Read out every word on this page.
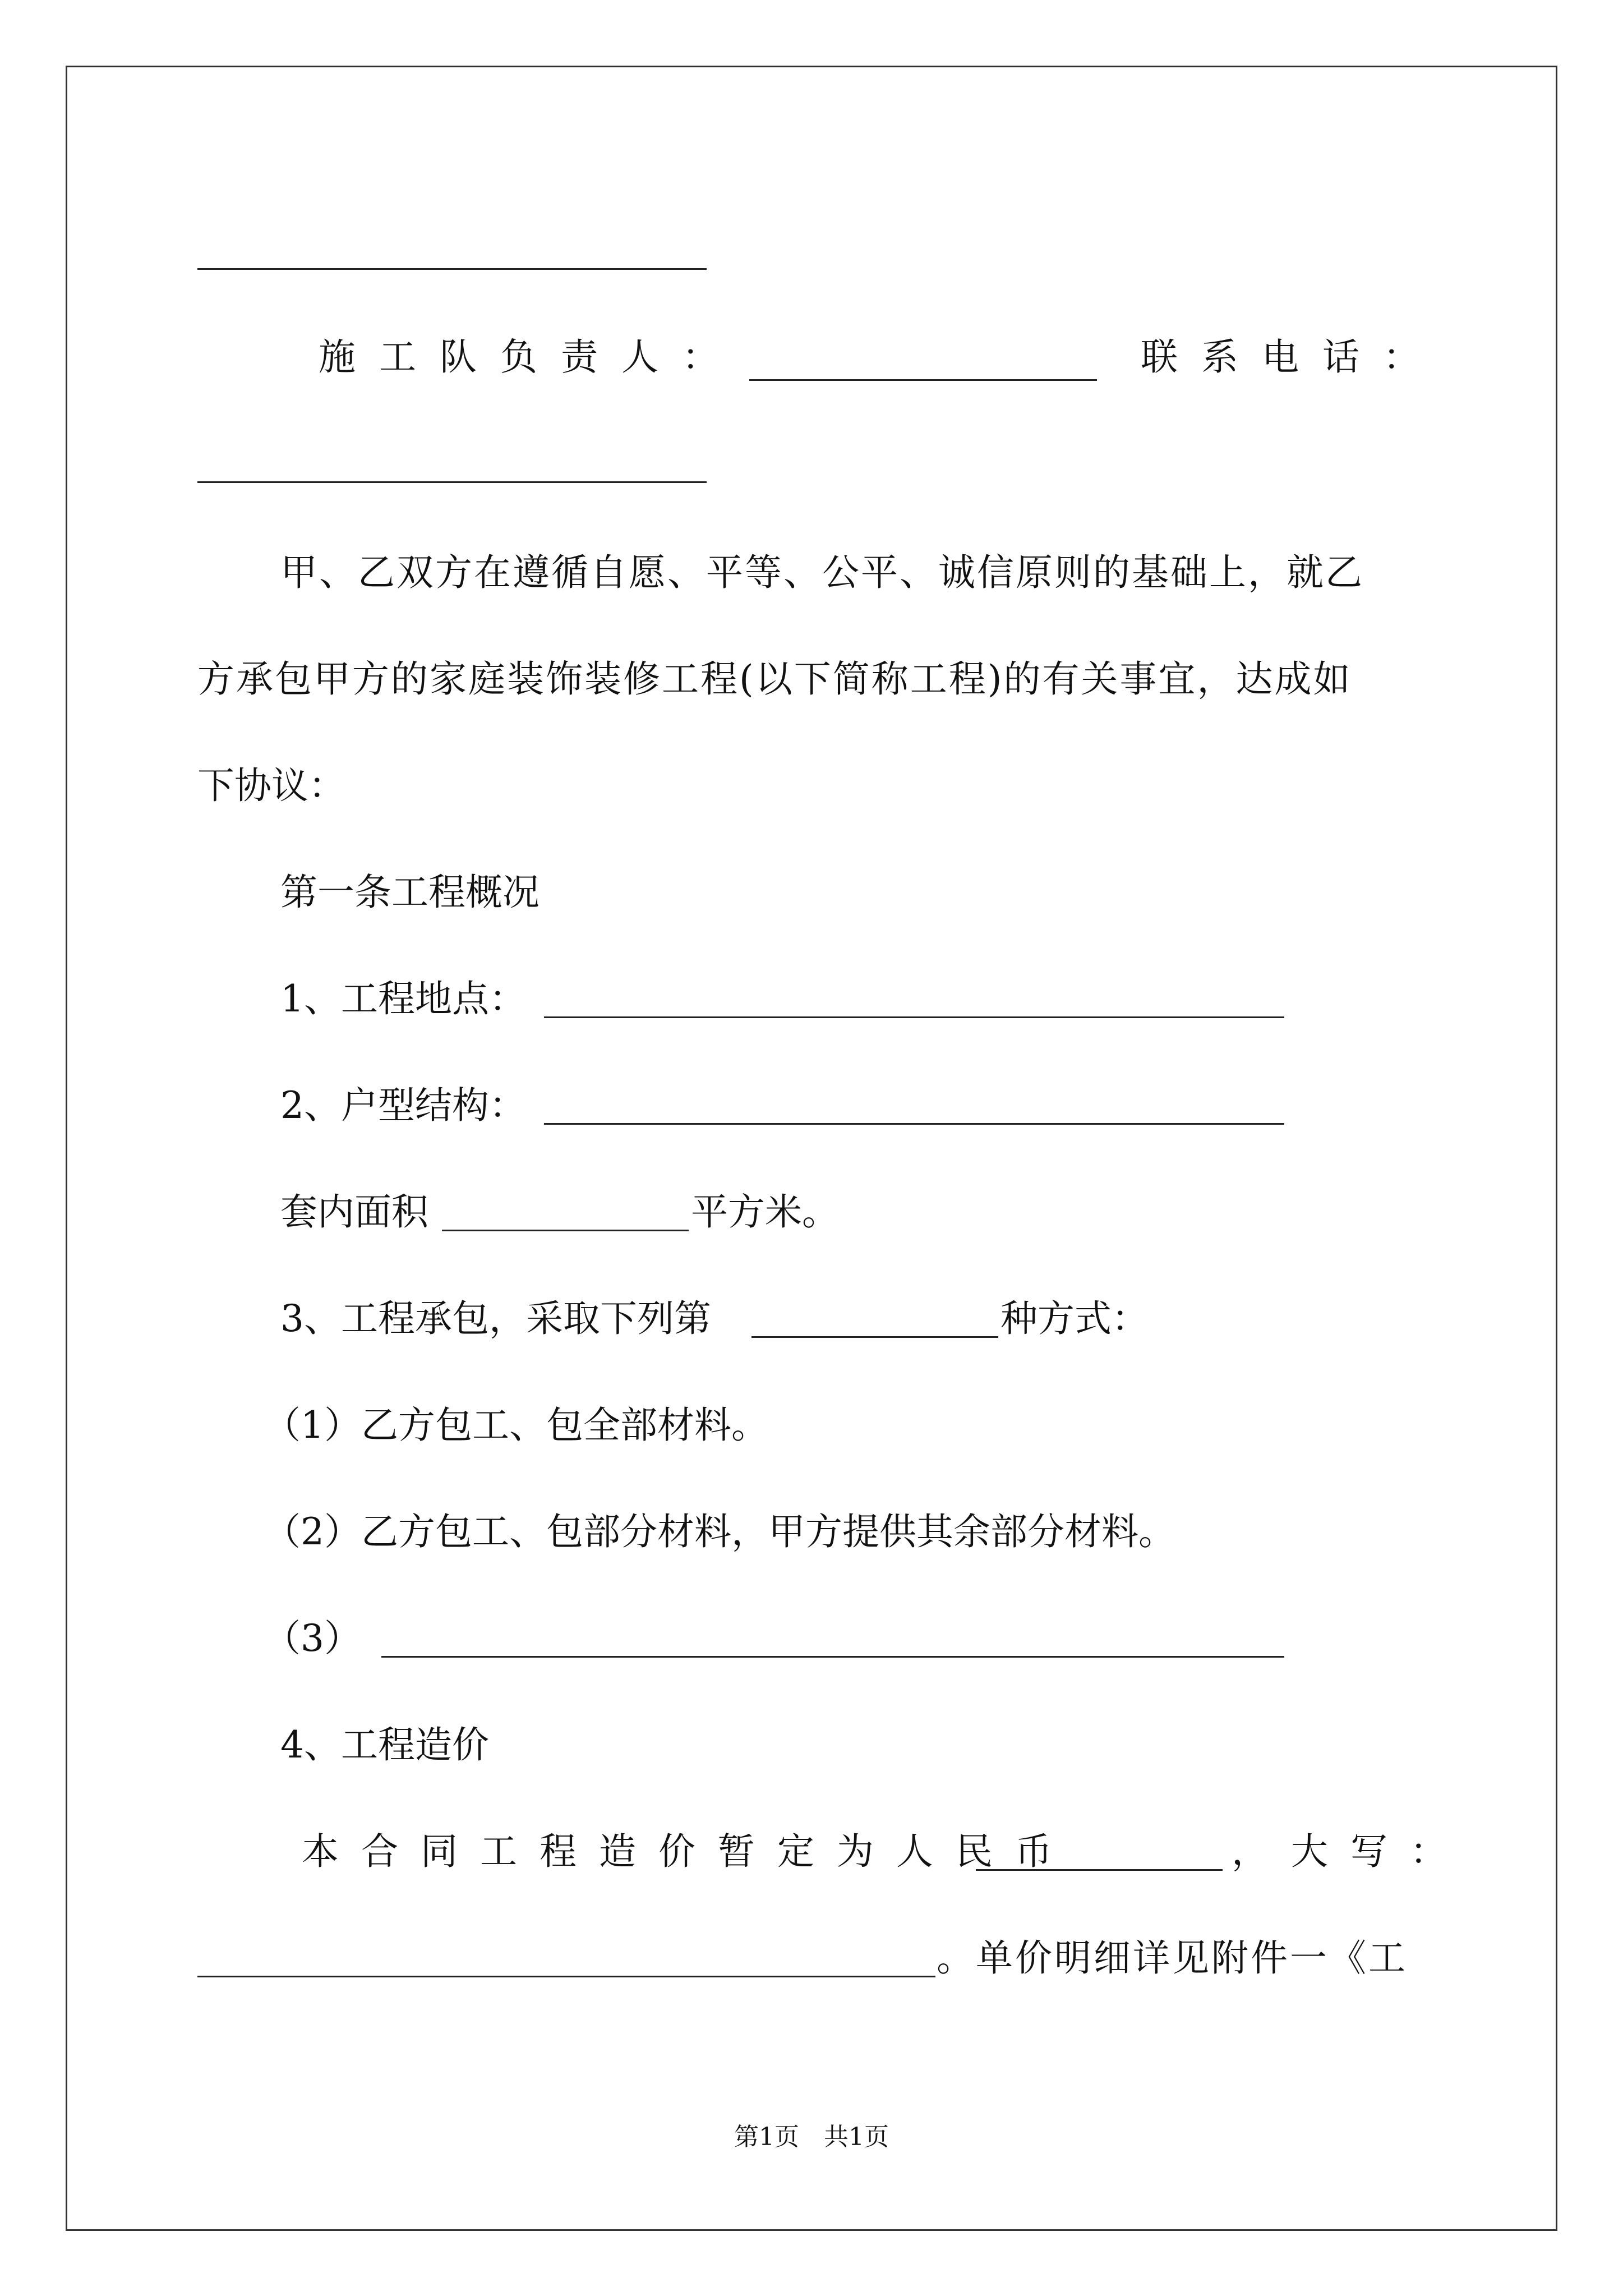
施工队负责人：	联系电话：
甲、乙双方在遵循自愿、平等、公平、诚信原则的基础上，就乙
方承包甲方的家庭装饰装修工程(以下简称工程)的有关事宜，达成如
下协议：
第一条工程概况
1、工程地点：
2、户型结构：
套内面积	平方米。
3、工程承包，采取下列第	种方式：
（1）乙方包工、包全部材料。
（2）乙方包工、包部分材料，甲方提供其余部分材料。
（3）
4、工程造价
本合同工程造价暂定为人民币	，大写：
。单价明细详见附件一《工
第1页　共1页
